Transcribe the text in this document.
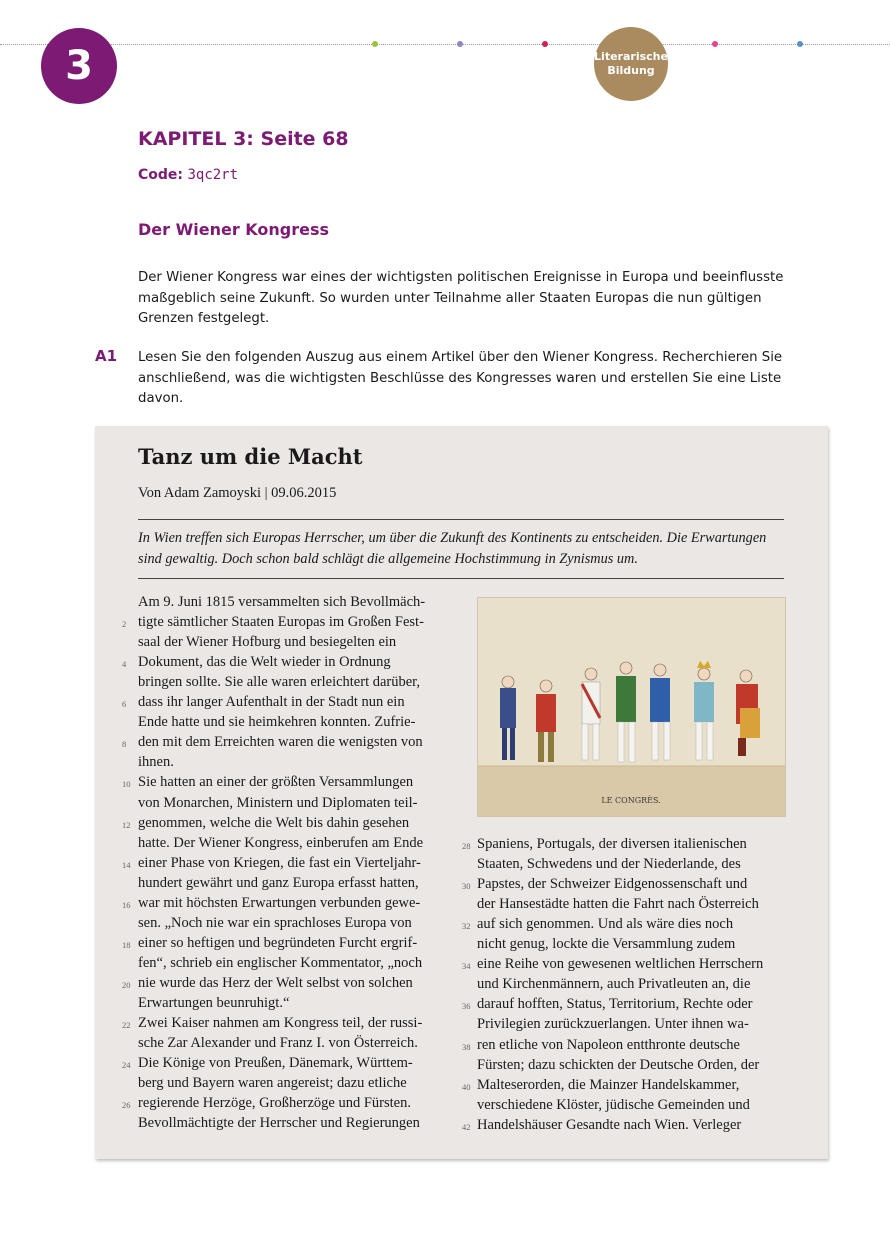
3	Literarische
Bildung
KAPITEL 3: Seite 68
Code: 3qc2rt
Der Wiener Kongress
Der Wiener Kongress war eines der wichtigsten politischen Ereignisse in Europa und beeinflusste maßgeblich seine Zukunft. So wurden unter Teilnahme aller Staaten Europas die nun gültigen Grenzen festgelegt.
A1 Lesen Sie den folgenden Auszug aus einem Artikel über den Wiener Kongress. Recherchieren Sie anschließend, was die wichtigsten Beschlüsse des Kongresses waren und erstellen Sie eine Liste davon.
Tanz um die Macht
Von Adam Zamoyski | 09.06.2015
In Wien treffen sich Europas Herrscher, um über die Zukunft des Kontinents zu entscheiden. Die Erwartungen sind gewaltig. Doch schon bald schlägt die allgemeine Hochstimmung in Zynismus um.
LE CONGRÈS.
Am 9. Juni 1815 versammelten sich Bevollmäch-
tigte sämtlicher Staaten Europas im Großen Fest-
saal der Wiener Hofburg und besiegelten ein
Dokument, das die Welt wieder in Ordnung
bringen sollte. Sie alle waren erleichtert darüber,
dass ihr langer Aufenthalt in der Stadt nun ein
Ende hatte und sie heimkehren konnten. Zufrie-
den mit dem Erreichten waren die wenigsten von
ihnen.
Sie hatten an einer der größten Versammlungen
von Monarchen, Ministern und Diplomaten teil-
genommen, welche die Welt bis dahin gesehen
hatte. Der Wiener Kongress, einberufen am Ende
einer Phase von Kriegen, die fast ein Vierteljahr-
hundert gewährt und ganz Europa erfasst hatten,
war mit höchsten Erwartungen verbunden gewe-
sen. „Noch nie war ein sprachloses Europa von
einer so heftigen und begründeten Furcht ergrif-
fen“, schrieb ein englischer Kommentator, „noch
nie wurde das Herz der Welt selbst von solchen
Erwartungen beunruhigt.“
Zwei Kaiser nahmen am Kongress teil, der russi-
sche Zar Alexander und Franz I. von Österreich.
Die Könige von Preußen, Dänemark, Württem-
berg und Bayern waren angereist; dazu etliche
regierende Herzöge, Großherzöge und Fürsten.
Bevollmächtigte der Herrscher und Regierungen
2
4
6
8
10
12
14
16
18
20
22
24
26
Spaniens, Portugals, der diversen italienischen
Staaten, Schwedens und der Niederlande, des
Papstes, der Schweizer Eidgenossenschaft und
der Hansestädte hatten die Fahrt nach Österreich
auf sich genommen. Und als wäre dies noch
nicht genug, lockte die Versammlung zudem
eine Reihe von gewesenen weltlichen Herrschern
und Kirchenmännern, auch Privatleuten an, die
darauf hofften, Status, Territorium, Rechte oder
Privilegien zurückzuerlangen. Unter ihnen wa-
ren etliche von Napoleon entthronte deutsche
Fürsten; dazu schickten der Deutsche Orden, der
Malteserorden, die Mainzer Handelskammer,
verschiedene Klöster, jüdische Gemeinden und
Handelshäuser Gesandte nach Wien. Verleger
28
30
32
34
36
38
40
42
